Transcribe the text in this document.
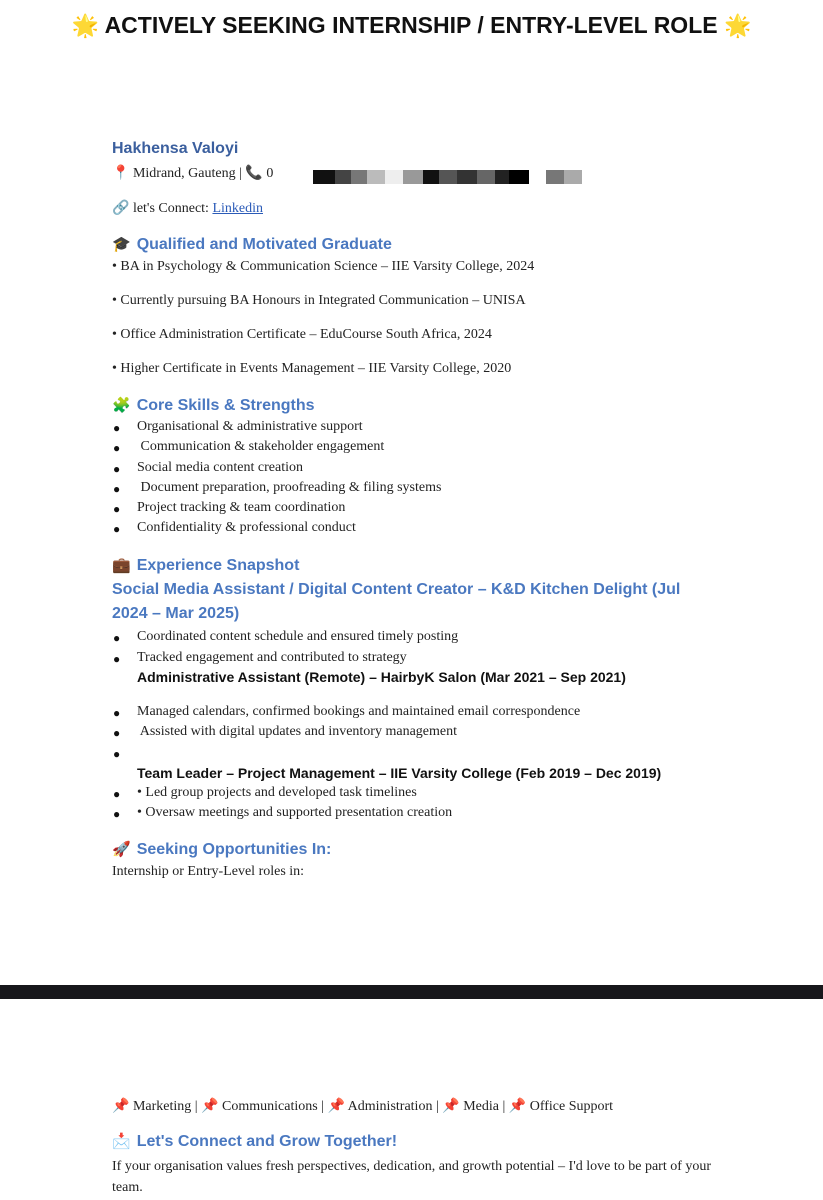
🌟 ACTIVELY SEEKING INTERNSHIP / ENTRY-LEVEL ROLE 🌟
Hakhensa Valoyi
📍 Midrand, Gauteng | 📞 0
🔗 let's Connect: Linkedin
🎓 Qualified and Motivated Graduate
• BA in Psychology & Communication Science – IIE Varsity College, 2024
• Currently pursuing BA Honours in Integrated Communication – UNISA
• Office Administration Certificate – EduCourse South Africa, 2024
• Higher Certificate in Events Management – IIE Varsity College, 2020
🧩 Core Skills & Strengths
● Organisational & administrative support
● Communication & stakeholder engagement
● Social media content creation
● Document preparation, proofreading & filing systems
● Project tracking & team coordination
● Confidentiality & professional conduct
💼 Experience Snapshot
Social Media Assistant / Digital Content Creator – K&D Kitchen Delight (Jul 2024 – Mar 2025)
● Coordinated content schedule and ensured timely posting
● Tracked engagement and contributed to strategy
Administrative Assistant (Remote) – HairbyK Salon (Mar 2021 – Sep 2021)
● Managed calendars, confirmed bookings and maintained email correspondence
● Assisted with digital updates and inventory management
●
Team Leader – Project Management – IIE Varsity College (Feb 2019 – Dec 2019)
● • Led group projects and developed task timelines
● • Oversaw meetings and supported presentation creation
🚀 Seeking Opportunities In:
Internship or Entry-Level roles in:
📌 Marketing | 📌 Communications | 📌 Administration | 📌 Media | 📌 Office Support
📩 Let's Connect and Grow Together!
If your organisation values fresh perspectives, dedication, and growth potential – I'd love to be part of your team.
